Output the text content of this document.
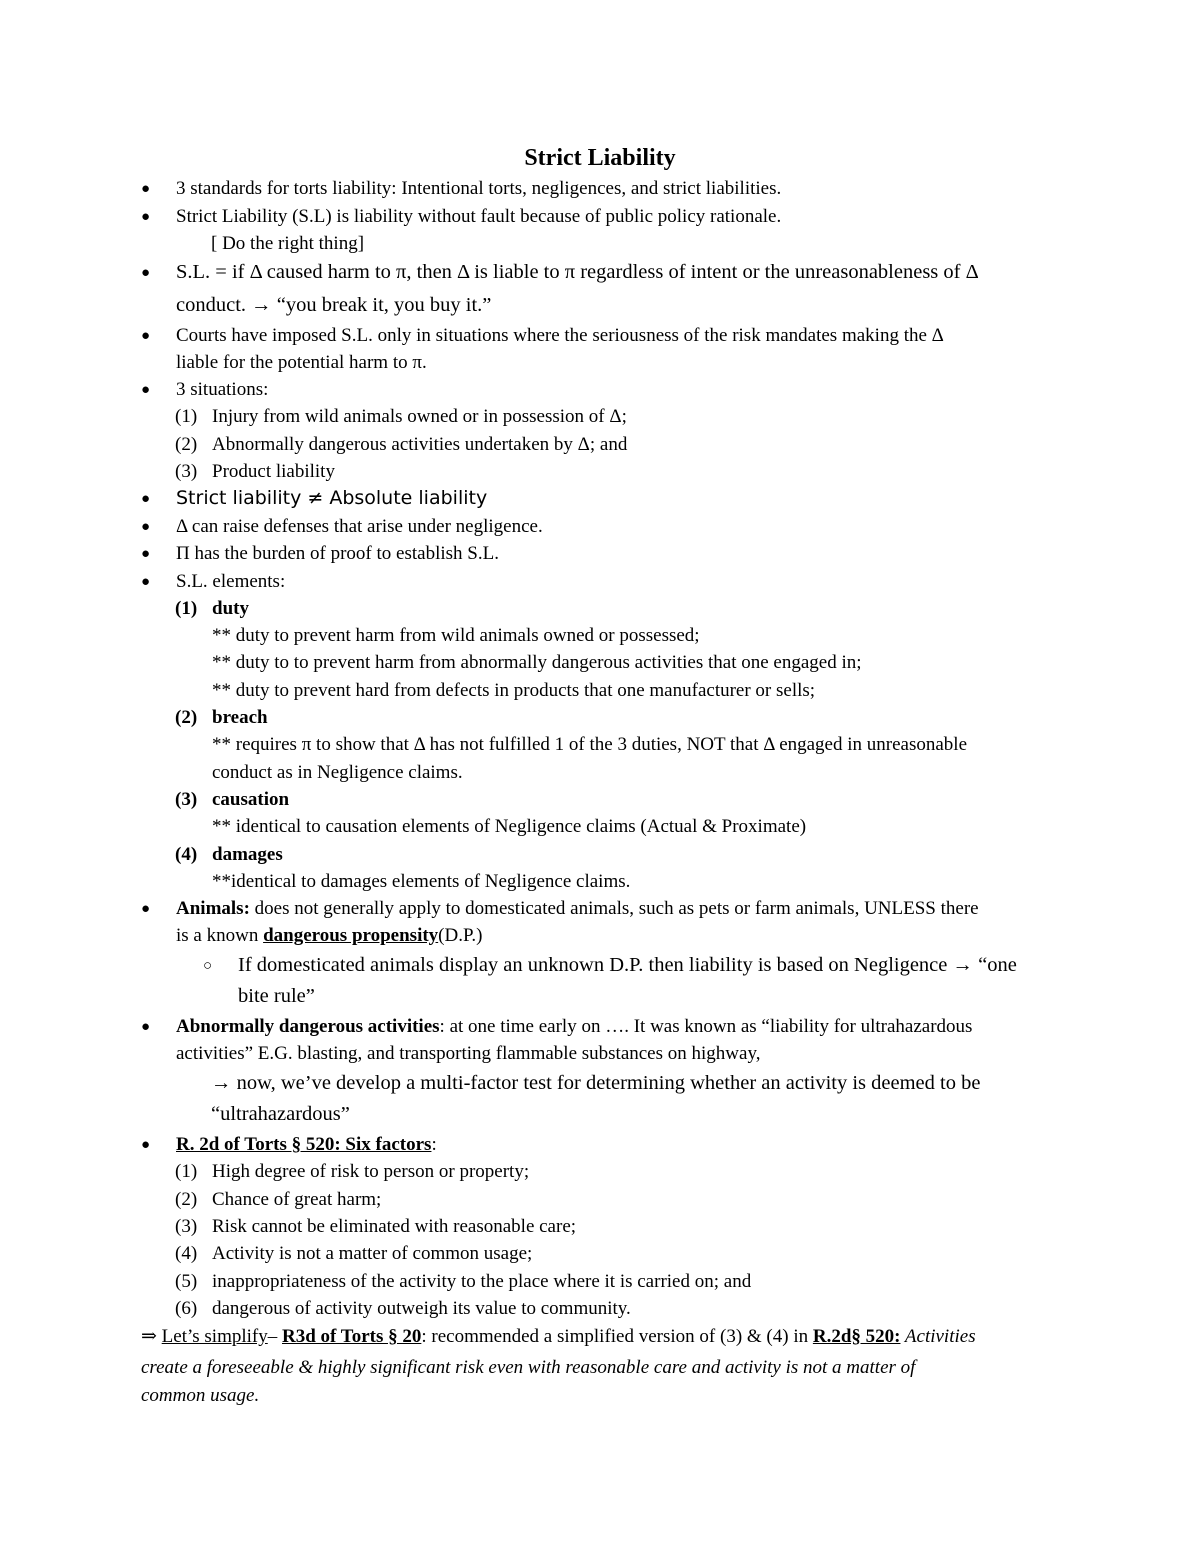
Strict Liability
● 3 standards for torts liability: Intentional torts, negligences, and strict liabilities.
● Strict Liability (S.L) is liability without fault because of public policy rationale.
[ Do the right thing]
● S.L. = if Δ caused harm to π, then Δ is liable to π regardless of intent or the unreasonableness of Δ
conduct. → “you break it, you buy it.”
● Courts have imposed S.L. only in situations where the seriousness of the risk mandates making the Δ
liable for the potential harm to π.
● 3 situations:
(1) Injury from wild animals owned or in possession of Δ;
(2) Abnormally dangerous activities undertaken by Δ; and
(3) Product liability
● Strict liability ≠ Absolute liability
● Δ can raise defenses that arise under negligence.
● Π has the burden of proof to establish S.L.
● S.L. elements:
(1) duty
** duty to prevent harm from wild animals owned or possessed;
** duty to to prevent harm from abnormally dangerous activities that one engaged in;
** duty to prevent hard from defects in products that one manufacturer or sells;
(2) breach
** requires π to show that Δ has not fulfilled 1 of the 3 duties, NOT that Δ engaged in unreasonable
conduct as in Negligence claims.
(3) causation
** identical to causation elements of Negligence claims (Actual & Proximate)
(4) damages
**identical to damages elements of Negligence claims.
● Animals: does not generally apply to domesticated animals, such as pets or farm animals, UNLESS there
is a known dangerous propensity(D.P.)
○ If domesticated animals display an unknown D.P. then liability is based on Negligence → “one
bite rule”
● Abnormally dangerous activities: at one time early on …. It was known as “liability for ultrahazardous
activities” E.G. blasting, and transporting flammable substances on highway,
→ now, we’ve develop a multi-factor test for determining whether an activity is deemed to be
“ultrahazardous”
● R. 2d of Torts § 520: Six factors:
(1) High degree of risk to person or property;
(2) Chance of great harm;
(3) Risk cannot be eliminated with reasonable care;
(4) Activity is not a matter of common usage;
(5) inappropriateness of the activity to the place where it is carried on; and
(6) dangerous of activity outweigh its value to community.
⇒ Let’s simplify– R3d of Torts § 20: recommended a simplified version of (3) & (4) in R.2d§ 520: Activities
create a foreseeable & highly significant risk even with reasonable care and activity is not a matter of
common usage.
